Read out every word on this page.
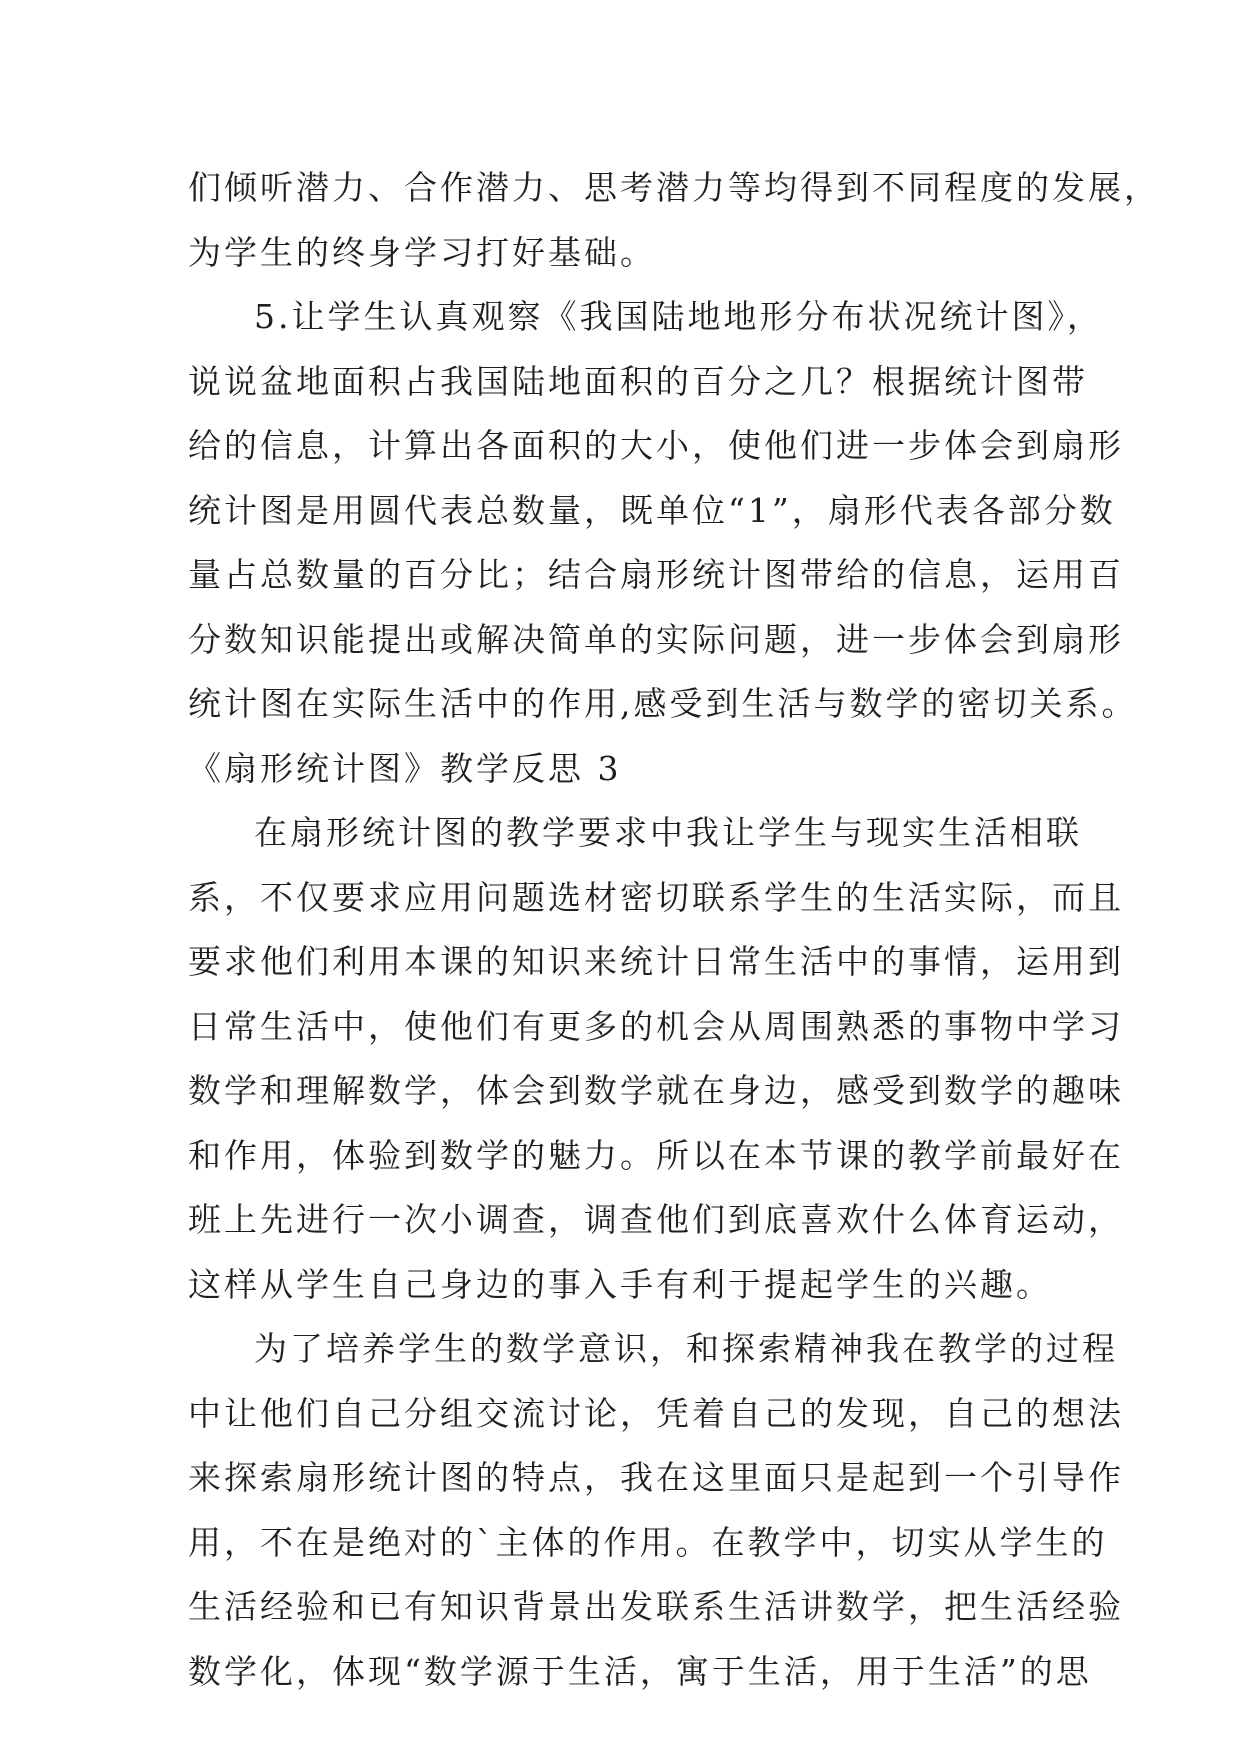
们倾听潜力、合作潜力、思考潜力等均得到不同程度的发展，
为学生的终身学习打好基础。
5.让学生认真观察《我国陆地地形分布状况统计图》，
说说盆地面积占我国陆地面积的百分之几？根据统计图带
给的信息，计算出各面积的大小，使他们进一步体会到扇形
统计图是用圆代表总数量，既单位“1”，扇形代表各部分数
量占总数量的百分比；结合扇形统计图带给的信息，运用百
分数知识能提出或解决简单的实际问题，进一步体会到扇形
统计图在实际生活中的作用,感受到生活与数学的密切关系。
《扇形统计图》教学反思 3
在扇形统计图的教学要求中我让学生与现实生活相联
系，不仅要求应用问题选材密切联系学生的生活实际，而且
要求他们利用本课的知识来统计日常生活中的事情，运用到
日常生活中，使他们有更多的机会从周围熟悉的事物中学习
数学和理解数学，体会到数学就在身边，感受到数学的趣味
和作用，体验到数学的魅力。所以在本节课的教学前最好在
班上先进行一次小调查，调查他们到底喜欢什么体育运动，
这样从学生自己身边的事入手有利于提起学生的兴趣。
为了培养学生的数学意识，和探索精神我在教学的过程
中让他们自己分组交流讨论，凭着自己的发现，自己的想法
来探索扇形统计图的特点，我在这里面只是起到一个引导作
用，不在是绝对的`主体的作用。在教学中，切实从学生的
生活经验和已有知识背景出发联系生活讲数学，把生活经验
数学化，体现“数学源于生活，寓于生活，用于生活”的思
